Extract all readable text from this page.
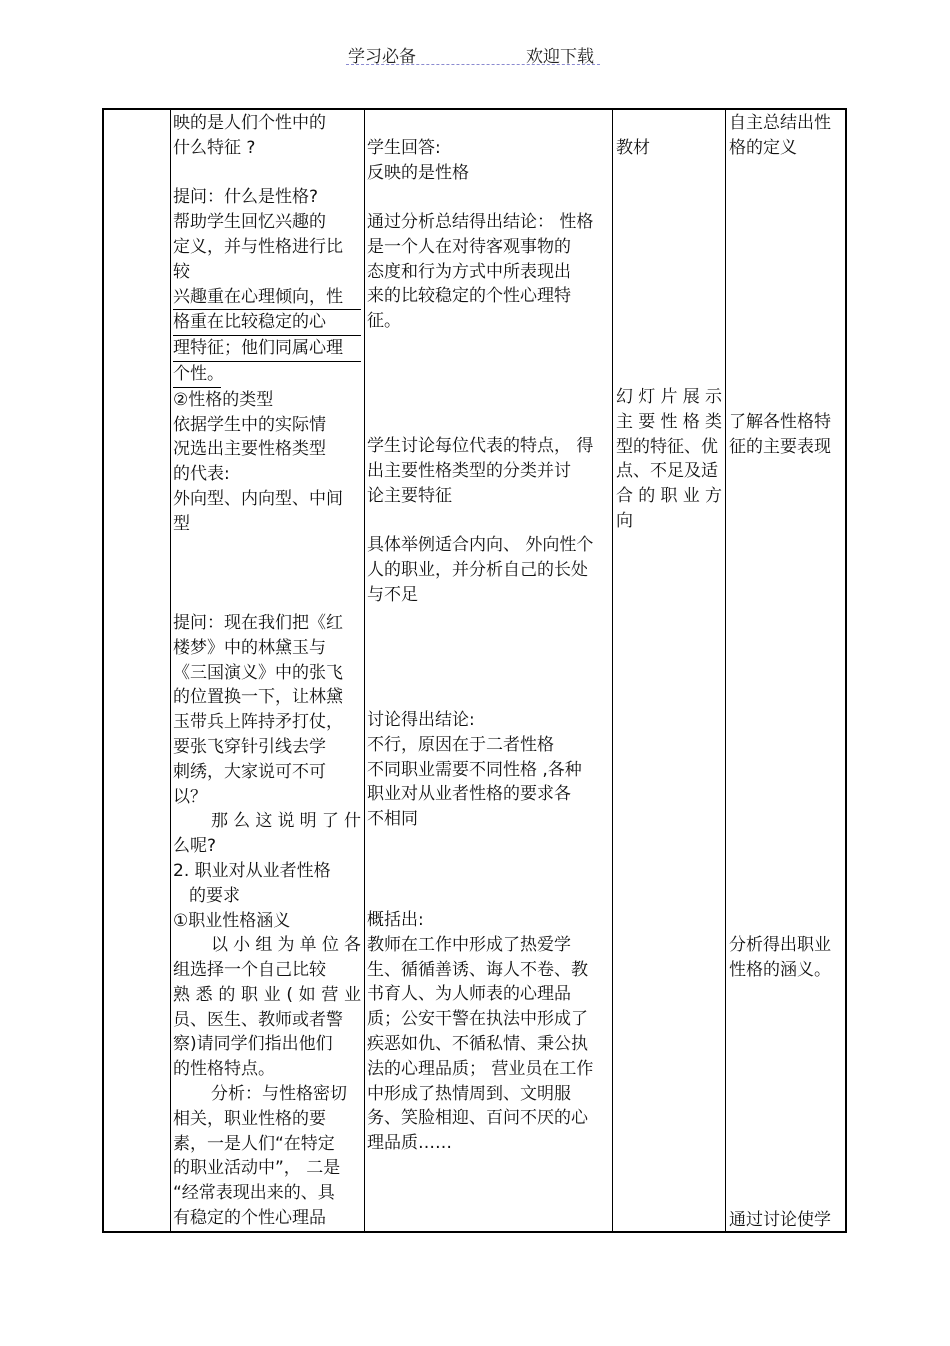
学习必备	欢迎下载
映的是人们个性中的
什么特征 ?
提问：什么是性格?
帮助学生回忆兴趣的
定义，并与性格进行比
较
兴趣重在心理倾向，性
格重在比较稳定的心
理特征；他们同属心理
个性。
②性格的类型
依据学生中的实际情
况选出主要性格类型
的代表:
外向型、内向型、中间
型
提问：现在我们把《红
楼梦》中的林黛玉与
《三国演义》中的张飞
的位置换一下，让林黛
玉带兵上阵持矛打仗，
要张飞穿针引线去学
刺绣，大家说可不可
以？
那么这说明了什
么呢?
2. 职业对从业者性格
的要求
①职业性格涵义
以小组为单位各
组选择一个自己比较
熟悉的职业(如营业
员、医生、教师或者警
察)请同学们指出他们
的性格特点。
分析：与性格密切
相关，职业性格的要
素，一是人们“在特定
的职业活动中”， 二是
“经常表现出来的、具
有稳定的个性心理品
学生回答:
反映的是性格
通过分析总结得出结论： 性格
是一个人在对待客观事物的
态度和行为方式中所表现出
来的比较稳定的个性心理特
征。
学生讨论每位代表的特点， 得
出主要性格类型的分类并讨
论主要特征
具体举例适合内向、 外向性个
人的职业，并分析自己的长处
与不足
讨论得出结论:
不行，原因在于二者性格
不同职业需要不同性格 ,各种
职业对从业者性格的要求各
不相同
概括出:
教师在工作中形成了热爱学
生、循循善诱、诲人不卷、教
书育人、为人师表的心理品
质；公安干警在执法中形成了
疾恶如仇、不循私情、秉公执
法的心理品质； 营业员在工作
中形成了热情周到、文明服
务、笑脸相迎、百问不厌的心
理品质……
教材
幻灯片展示
主要性格类
型的特征、优
点、不足及适
合的职业方
向
自主总结出性
格的定义
了解各性格特
征的主要表现
分析得出职业
性格的涵义。
通过讨论使学
